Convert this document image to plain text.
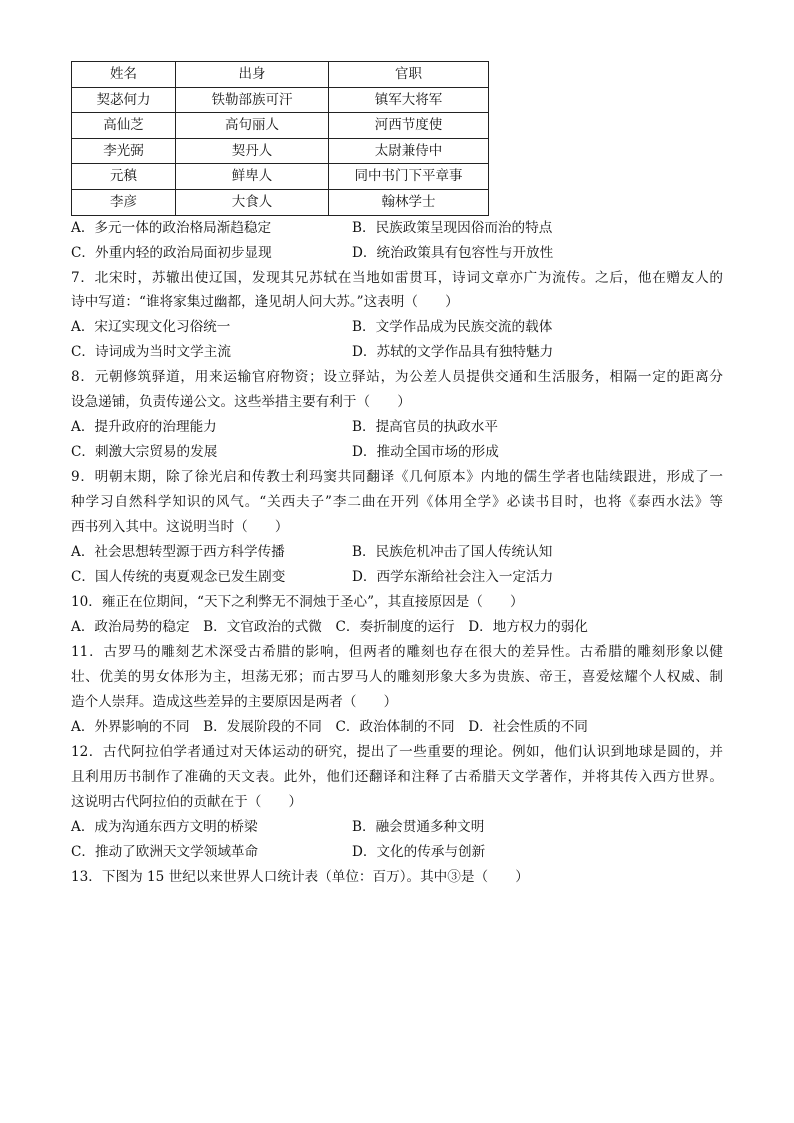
姓名	出身	官职
契苾何力	铁勒部族可汗	镇军大将军
高仙芝	高句丽人	河西节度使
李光弼	契丹人	太尉兼侍中
元稹	鲜卑人	同中书门下平章事
李彦	大食人	翰林学士
A．多元一体的政治格局渐趋稳定	B．民族政策呈现因俗而治的特点
C．外重内轻的政治局面初步显现	D．统治政策具有包容性与开放性
7．北宋时，苏辙出使辽国，发现其兄苏轼在当地如雷贯耳，诗词文章亦广为流传。之后，他在赠友人的
诗中写道：“谁将家集过幽都，逢见胡人问大苏。”这表明（　　）
A．宋辽实现文化习俗统一	B．文学作品成为民族交流的载体
C．诗词成为当时文学主流	D．苏轼的文学作品具有独特魅力
8．元朝修筑驿道，用来运输官府物资；设立驿站，为公差人员提供交通和生活服务，相隔一定的距离分
设急递铺，负责传递公文。这些举措主要有利于（　　）
A．提升政府的治理能力	B．提高官员的执政水平
C．刺激大宗贸易的发展	D．推动全国市场的形成
9．明朝末期，除了徐光启和传教士利玛窦共同翻译《几何原本》内地的儒生学者也陆续跟进，形成了一
种学习自然科学知识的风气。“关西夫子”李二曲在开列《体用全学》必读书目时，也将《泰西水法》等
西书列入其中。这说明当时（　　）
A．社会思想转型源于西方科学传播	B．民族危机冲击了国人传统认知
C．国人传统的夷夏观念已发生剧变	D．西学东渐给社会注入一定活力
10．雍正在位期间，“天下之利弊无不洞烛于圣心”，其直接原因是（　　）
A．政治局势的稳定　B．文官政治的式微　C．奏折制度的运行　D．地方权力的弱化
11．古罗马的雕刻艺术深受古希腊的影响，但两者的雕刻也存在很大的差异性。古希腊的雕刻形象以健
壮、优美的男女体形为主，坦荡无邪；而古罗马人的雕刻形象大多为贵族、帝王，喜爱炫耀个人权威、制
造个人崇拜。造成这些差异的主要原因是两者（　　）
A．外界影响的不同　B．发展阶段的不同　C．政治体制的不同　D．社会性质的不同
12．古代阿拉伯学者通过对天体运动的研究，提出了一些重要的理论。例如，他们认识到地球是圆的，并
且利用历书制作了准确的天文表。此外，他们还翻译和注释了古希腊天文学著作，并将其传入西方世界。
这说明古代阿拉伯的贡献在于（　　）
A．成为沟通东西方文明的桥梁	B．融会贯通多种文明
C．推动了欧洲天文学领域革命	D．文化的传承与创新
13．下图为 15 世纪以来世界人口统计表（单位：百万）。其中③是（　　）
